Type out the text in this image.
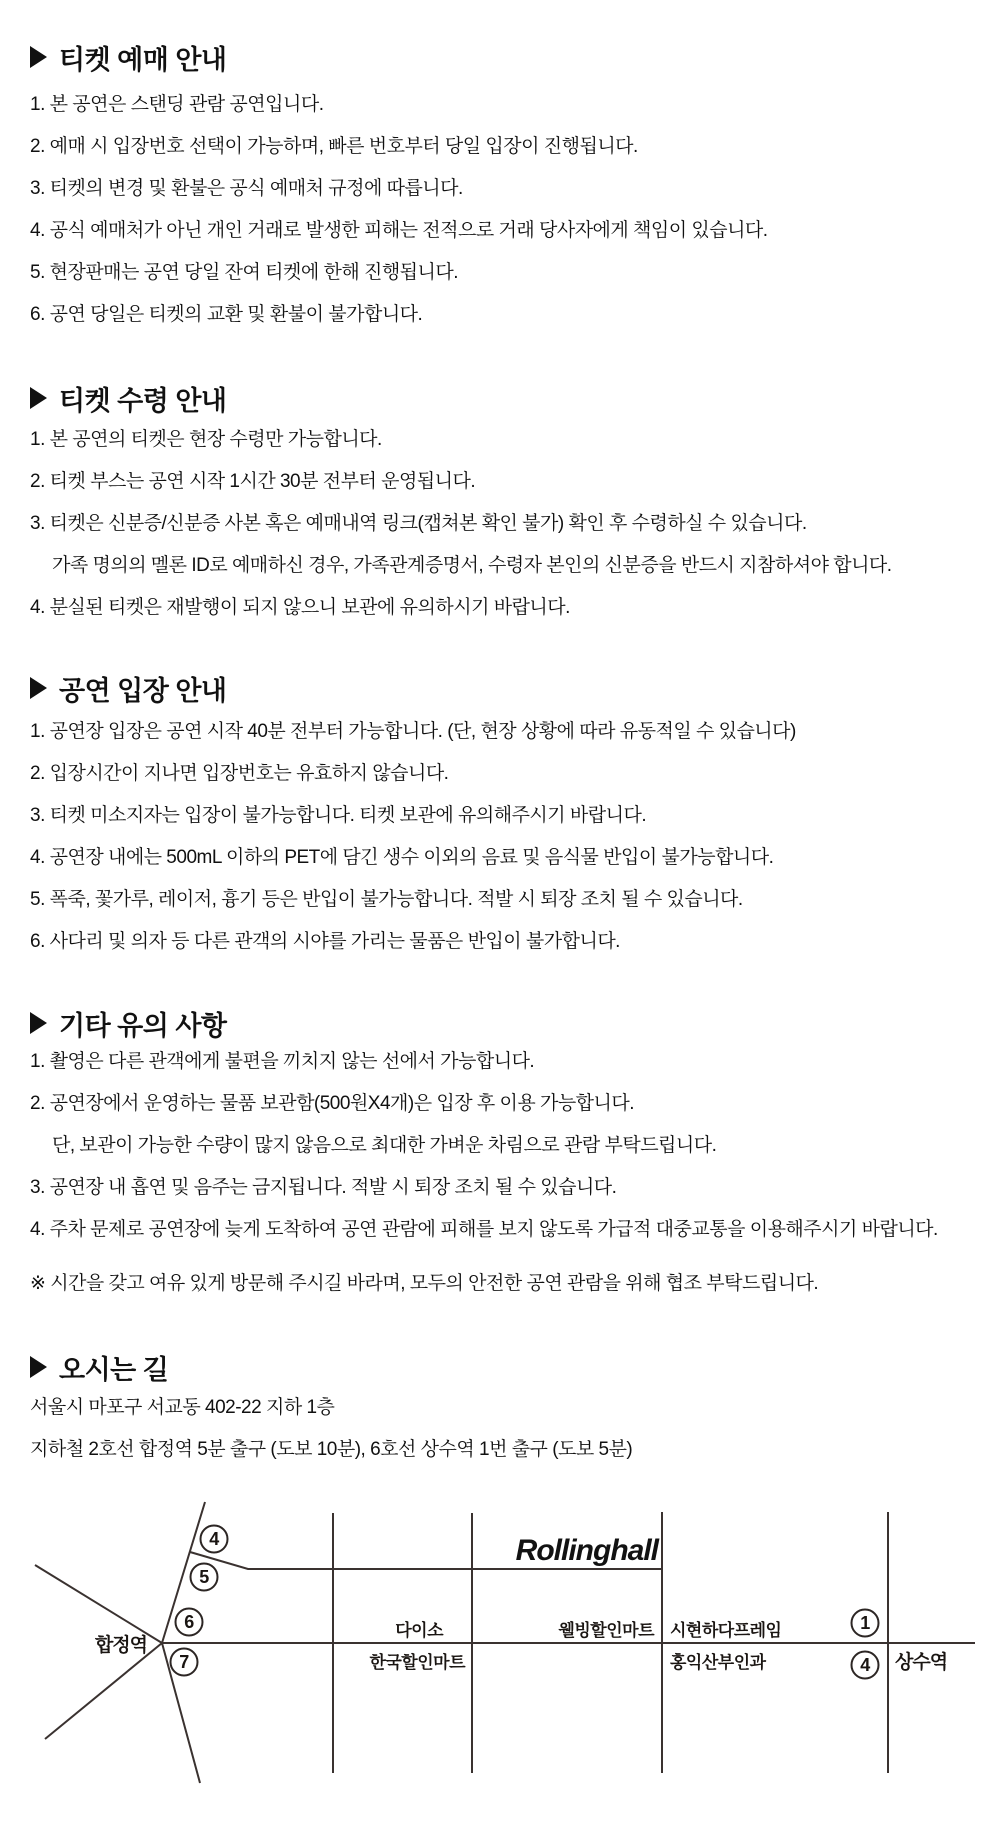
티켓 예매 안내
1. 본 공연은 스탠딩 관람 공연입니다.
2. 예매 시 입장번호 선택이 가능하며, 빠른 번호부터 당일 입장이 진행됩니다.
3. 티켓의 변경 및 환불은 공식 예매처 규정에 따릅니다.
4. 공식 예매처가 아닌 개인 거래로 발생한 피해는 전적으로 거래 당사자에게 책임이 있습니다.
5. 현장판매는 공연 당일 잔여 티켓에 한해 진행됩니다.
6. 공연 당일은 티켓의 교환 및 환불이 불가합니다.
티켓 수령 안내
1. 본 공연의 티켓은 현장 수령만 가능합니다.
2. 티켓 부스는 공연 시작 1시간 30분 전부터 운영됩니다.
3. 티켓은 신분증/신분증 사본 혹은 예매내역 링크(캡쳐본 확인 불가) 확인 후 수령하실 수 있습니다.
가족 명의의 멜론 ID로 예매하신 경우, 가족관계증명서, 수령자 본인의 신분증을 반드시 지참하셔야 합니다.
4. 분실된 티켓은 재발행이 되지 않으니 보관에 유의하시기 바랍니다.
공연 입장 안내
1. 공연장 입장은 공연 시작 40분 전부터 가능합니다. (단, 현장 상황에 따라 유동적일 수 있습니다)
2. 입장시간이 지나면 입장번호는 유효하지 않습니다.
3. 티켓 미소지자는 입장이 불가능합니다. 티켓 보관에 유의해주시기 바랍니다.
4. 공연장 내에는 500mL 이하의 PET에 담긴 생수 이외의 음료 및 음식물 반입이 불가능합니다.
5. 폭죽, 꽃가루, 레이저, 흉기 등은 반입이 불가능합니다. 적발 시 퇴장 조치 될 수 있습니다.
6. 사다리 및 의자 등 다른 관객의 시야를 가리는 물품은 반입이 불가합니다.
기타 유의 사항
1. 촬영은 다른 관객에게 불편을 끼치지 않는 선에서 가능합니다.
2. 공연장에서 운영하는 물품 보관함(500원X4개)은 입장 후 이용 가능합니다.
단, 보관이 가능한 수량이 많지 않음으로 최대한 가벼운 차림으로 관람 부탁드립니다.
3. 공연장 내 흡연 및 음주는 금지됩니다. 적발 시 퇴장 조치 될 수 있습니다.
4. 주차 문제로 공연장에 늦게 도착하여 공연 관람에 피해를 보지 않도록 가급적 대중교통을 이용해주시기 바랍니다.
※ 시간을 갖고 여유 있게 방문해 주시길 바라며, 모두의 안전한 공연 관람을 위해 협조 부탁드립니다.
오시는 길
서울시 마포구 서교동 402-22 지하 1층
지하철 2호선 합정역 5분 출구 (도보 10분), 6호선 상수역 1번 출구 (도보 5분)
Rollinghall
합정역
상수역
다이소	웰빙할인마트 시현하다프레임
한국할인마트	홍익산부인과
4
5
6
7
1
4
